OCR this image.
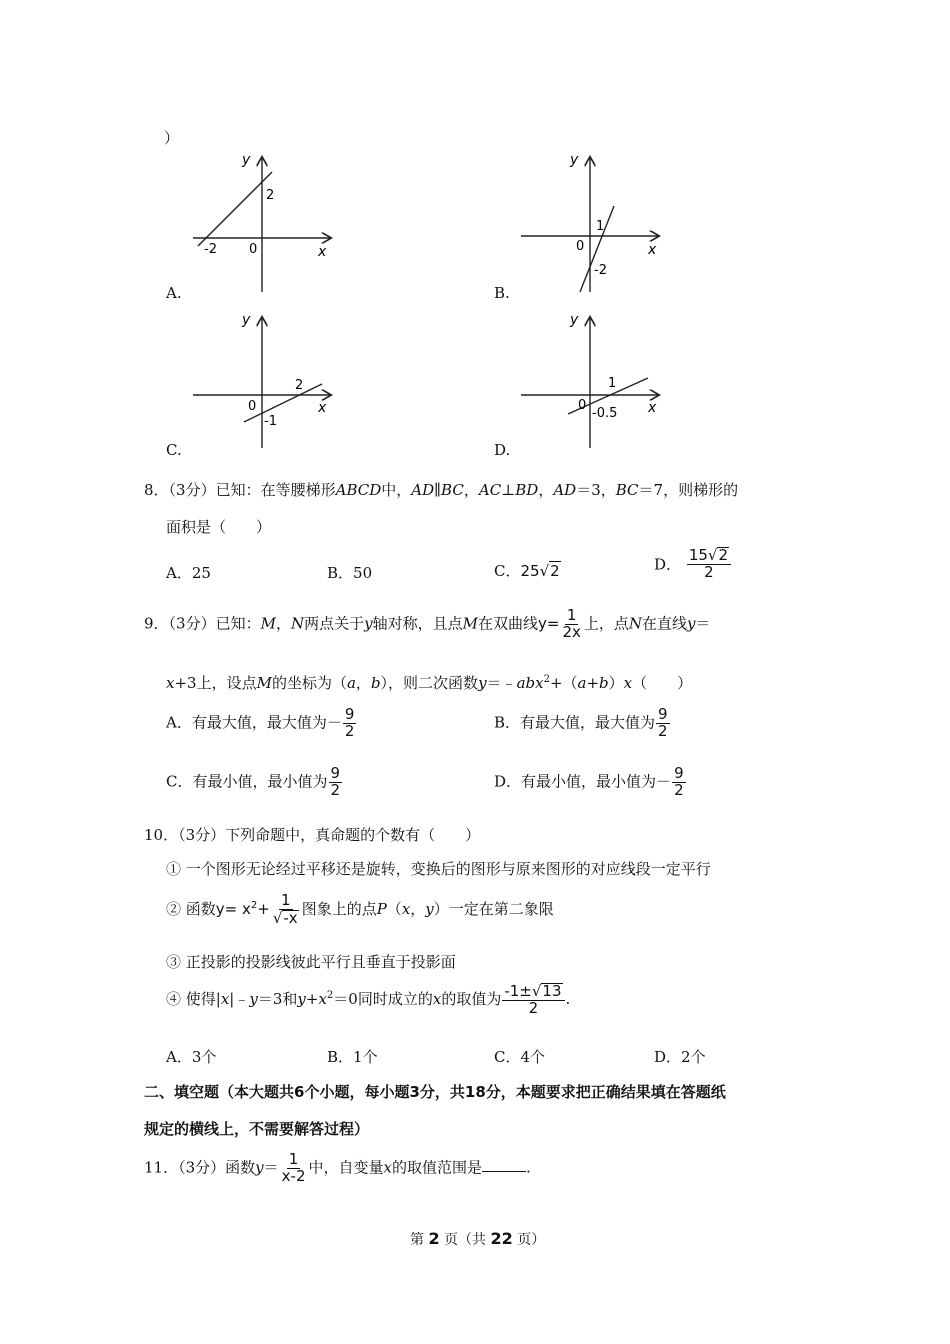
）
y
x
0
-2
2
A.
y
x
0
1
-2
B.
y
x
0
2
-1
C.
y
x
0
1
-0.5
D.
8．（3分）已知：在等腰梯形ABCD中，AD∥BC，AC⊥BD，AD＝3，BC＝7，则梯形的
面积是（　　）
A．25	B．50	C．25√ 2	D． $\frac{15√ 2}{2}$
9．（3分）已知：M，N两点关于y轴对称，且点M在双曲线$y= \frac{1}{2x}$ 上，点N在直线y＝
x+3上，设点M的坐标为（a，b），则二次函数y＝﹣abx$^2$+（a+b）x（　　）
A．有最大值，最大值为－ $\frac{9}{2}$	B．有最大值，最大值为 $\frac{9}{2}$
C．有最小值，最小值为 $\frac{9}{2}$	D．有最小值，最小值为－ $\frac{9}{2}$
10．（3分）下列命题中，真命题的个数有（　　）
① 一个图形无论经过平移还是旋转，变换后的图形与原来图形的对应线段一定平行
② 函数$y= x^2+ \frac{1}{√ -x}$ 图象上的点P（x，y）一定在第二象限
③ 正投影的投影线彼此平行且垂直于投影面
④ 使得|x|﹣y＝3和$y+x^2=0$同时成立的x的取值为 $\frac{-1\pm√ 13}{2}$ .
A．3个	B．1个	C．4个	D．2个
二、填空题（本大题共6个小题，每小题3分，共18分，本题要求把正确结果填在答题纸
规定的横线上，不需要解答过程）
11．（3分）函数$y= \frac{1}{x-2}$ 中，自变量x的取值范围是	.
第 2 页（共 22 页）
